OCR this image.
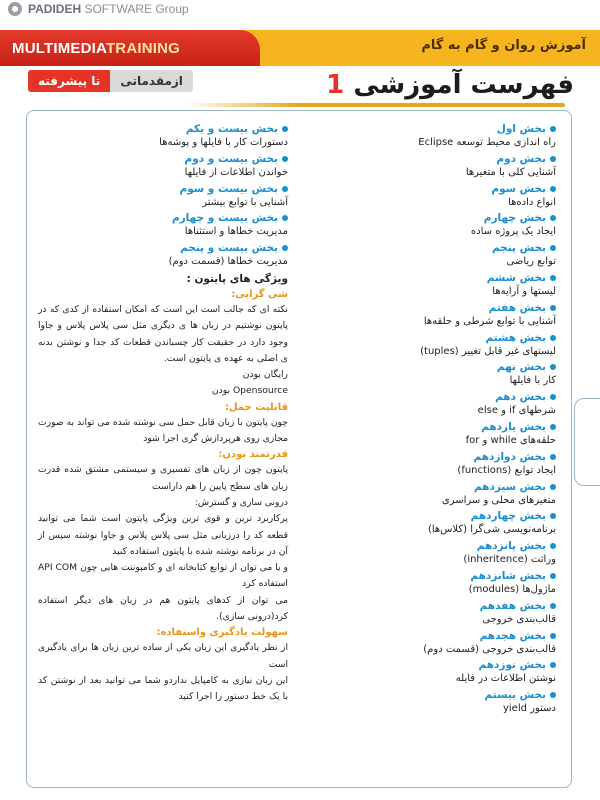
PADIDEH SOFTWARE Group
MULTIMEDIATRAINING	آموزش روان و گام به گام
تا پیشرفته	ازمقدماتی	فهرست آموزشی 1
بخش اول
راه اندازی محیط توسعه Eclipse
بخش دوم
آشنایی کلی با متغیرها
بخش سوم
انواع داده‌ها
بخش چهارم
ایجاد یک پروژه ساده
بخش پنجم
توابع ریاضی
بخش ششم
لیستها و آرایه‌ها
بخش هفتم
آشنایی با توابع شرطی و حلقه‌ها
بخش هشتم
لیستهای غیر قابل تغییر (tuples)
بخش نهم
کار با فایلها
بخش دهم
شرطهای if و else
بخش یازدهم
حلقه‌های while و for
بخش دوازدهم
ایجاد توابع (functions)
بخش سیزدهم
متغیرهای محلی و سراسری
بخش چهاردهم
برنامه‌نویسی شی‌گرا (کلاس‌ها)
بخش پانزدهم
وراثت (inheritence)
بخش شانزدهم
ماژول‌ها (modules)
بخش هفدهم
قالب‌بندی خروجی
بخش هجدهم
قالب‌بندی خروجی (قسمت دوم)
بخش نوزدهم
نوشتن اطلاعات در فایله
بخش بیستم
دستور yield
بخش بیست و یکم
دستورات کار با فایلها و پوشه‌ها
بخش بیست و دوم
خواندن اطلاعات از فایلها
بخش بیست و سوم
آشنایی با توابع بیشتر
بخش بیست و چهارم
مدیریت خطاها و استثناها
بخش بیست و پنجم
مدیریت خطاها (قسمت دوم)
ویژگی های پایتون :
شی گرایی:
نکته ای که جالب است این است که امکان استفاده از کدی که در پایتون نوشتیم در زبان ها ی دیگری مثل سی پلاس پلاس و جاوا وجود دارد در حقیقت کار چسباندن قطعات کد جدا و نوشتن بدنه ی اصلی به عهده ی پایتون است.
رایگان بودن
Opensource بودن
قابلیت حمل:
چون پایتون با زبان قابل حمل سی نوشته شده می تواند به صورت مجازی روی هرپردازش گری اجرا شود
قدرتمند بودن:
پایتون چون از زبان های تفسیری و سیستمی مشتق شده قدرت زبان های سطح پایین را هم داراست
درونی سازی و گسترش:
پرکاربرد ترین و قوی ترین ویژگی پایتون است شما می توانید قطعه کد را درزبانی مثل سی پلاس پلاس و جاوا نوشته سپس از آن در برنامه نوشته شده با پایتون استفاده کنید
و یا می توان از توابع کتابخانه ای و کامپوننت هایی چون API COM استفاده کرد
می توان از کدهای پایتون هم در زبان های دیگر استفاده کرد(درونی سازی).
سهولت یادگیری واستفاده:
از نظر یادگیری این زبان یکی از ساده ترین زبان ها برای یادگیری است
این زبان نیازی به کامپایل نداردو شما می توانید بعد از نوشتن کد با یک خط دستور را اجرا کنید
